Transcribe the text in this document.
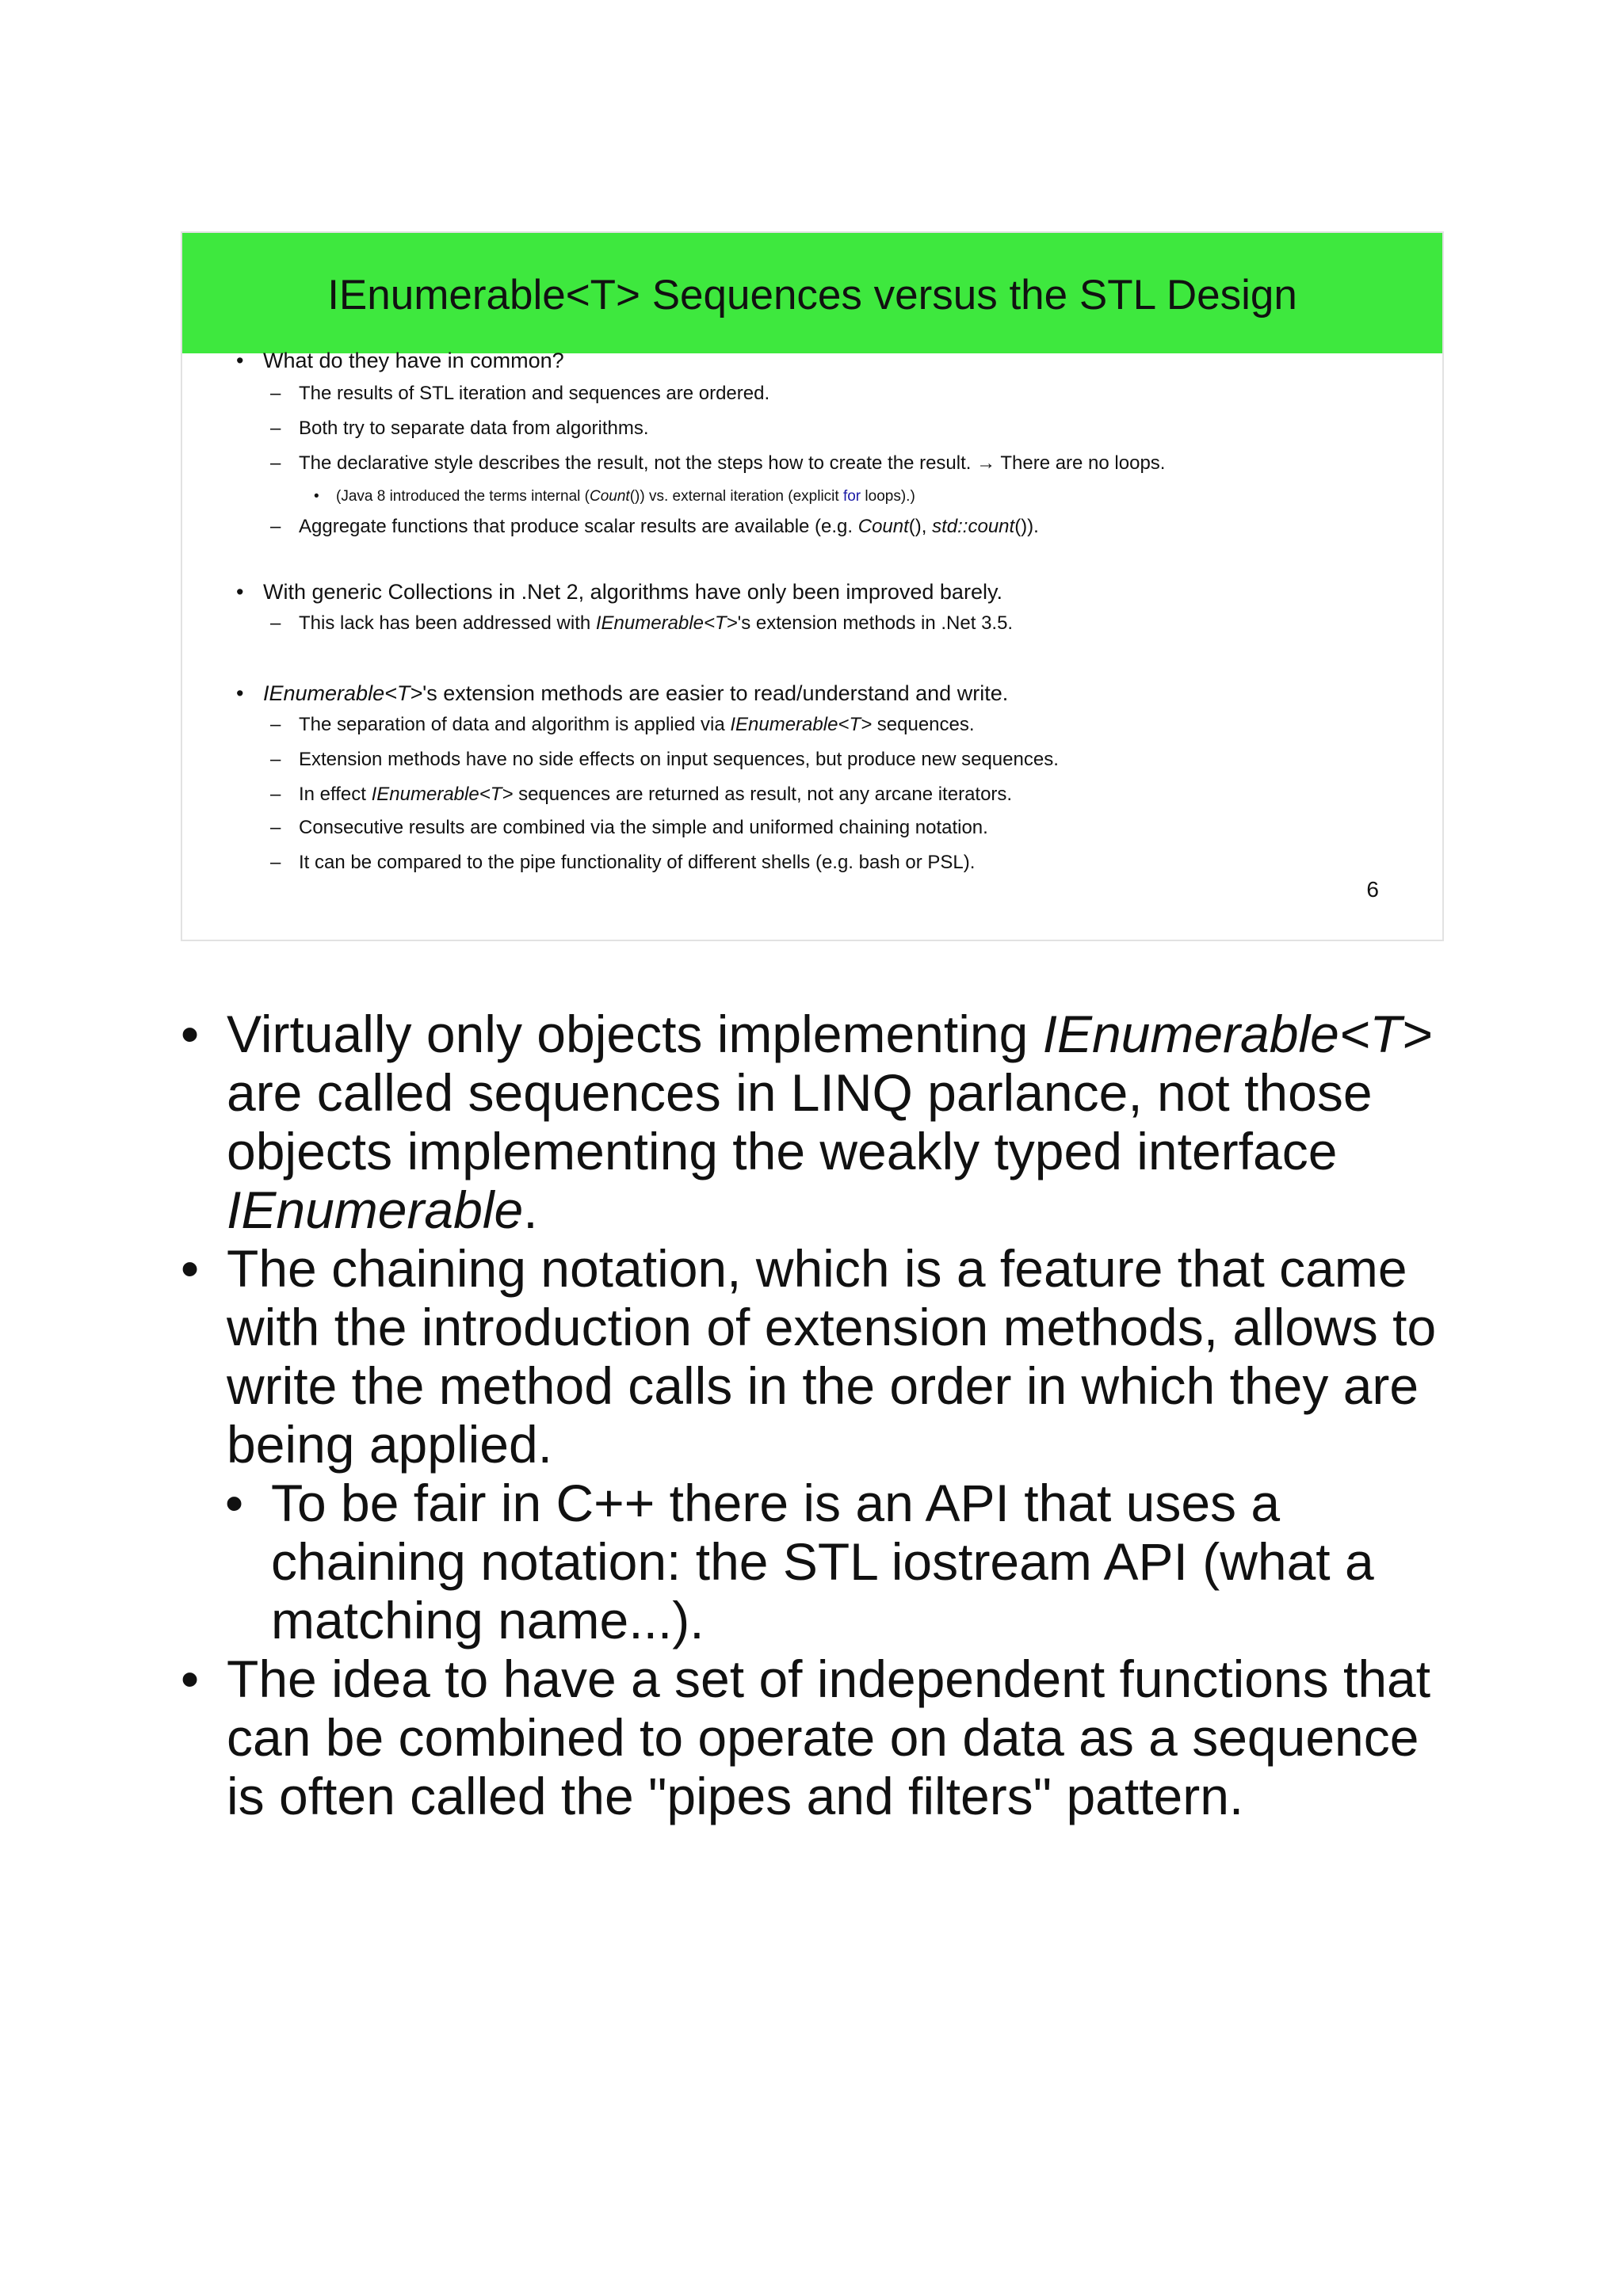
IEnumerable<T> Sequences versus the STL Design
• What do they have in common?
– The results of STL iteration and sequences are ordered.
– Both try to separate data from algorithms.
– The declarative style describes the result, not the steps how to create the result. → There are no loops.
• (Java 8 introduced the terms internal (Count()) vs. external iteration (explicit for loops).)
– Aggregate functions that produce scalar results are available (e.g. Count(), std::count()).
• With generic Collections in .Net 2, algorithms have only been improved barely.
– This lack has been addressed with IEnumerable<T>'s extension methods in .Net 3.5.
• IEnumerable<T>'s extension methods are easier to read/understand and write.
– The separation of data and algorithm is applied via IEnumerable<T> sequences.
– Extension methods have no side effects on input sequences, but produce new sequences.
– In effect IEnumerable<T> sequences are returned as result, not any arcane iterators.
– Consecutive results are combined via the simple and uniformed chaining notation.
– It can be compared to the pipe functionality of different shells (e.g. bash or PSL).
6
• Virtually only objects implementing IEnumerable<T> are called sequences in LINQ parlance, not those objects implementing the weakly typed interface IEnumerable.
• The chaining notation, which is a feature that came with the introduction of extension methods, allows to write the method calls in the order in which they are being applied.
• To be fair in C++ there is an API that uses a chaining notation: the STL iostream API (what a matching name...).
• The idea to have a set of independent functions that can be combined to operate on data as a sequence is often called the "pipes and filters" pattern.
